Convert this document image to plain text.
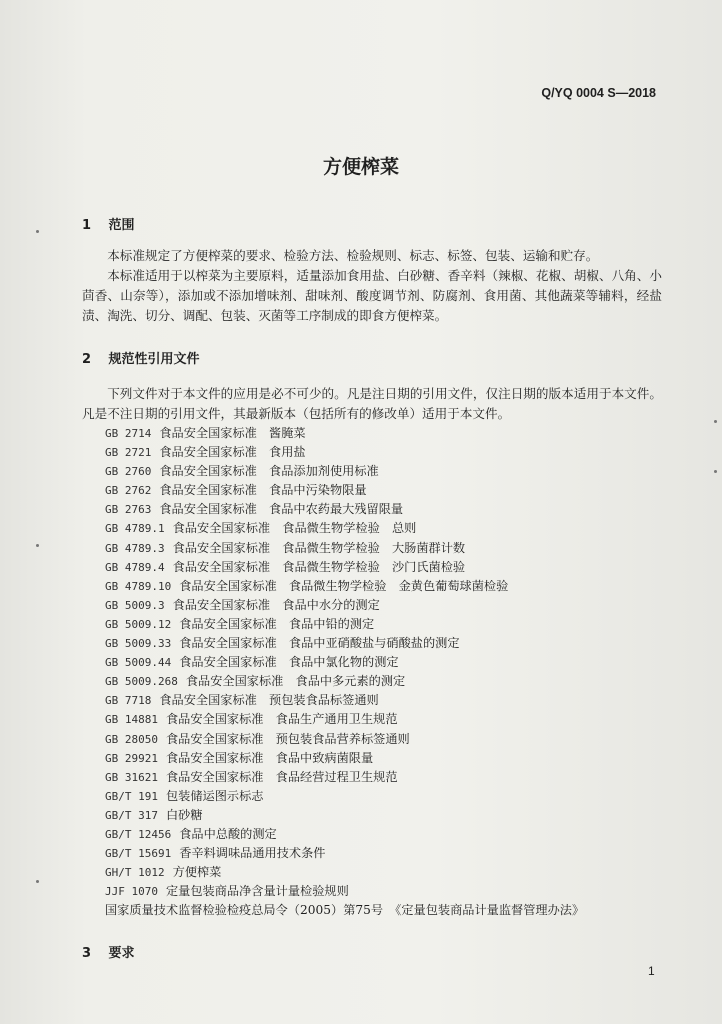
Q/YQ 0004 S—2018
方便榨菜
1 范围

本标准规定了方便榨菜的要求、检验方法、检验规则、标志、标签、包装、运输和贮存。

本标准适用于以榨菜为主要原料，适量添加食用盐、白砂糖、香辛料（辣椒、花椒、胡椒、八角、小茴香、山奈等），添加或不添加增味剂、甜味剂、酸度调节剂、防腐剂、食用菌、其他蔬菜等辅料，经盐渍、淘洗、切分、调配、包装、灭菌等工序制成的即食方便榨菜。

2 规范性引用文件

下列文件对于本文件的应用是必不可少的。凡是注日期的引用文件，仅注日期的版本适用于本文件。凡是不注日期的引用文件，其最新版本（包括所有的修改单）适用于本文件。

GB 2714 食品安全国家标准　酱腌菜
GB 2721 食品安全国家标准　食用盐
GB 2760 食品安全国家标准　食品添加剂使用标准
GB 2762 食品安全国家标准　食品中污染物限量
GB 2763 食品安全国家标准　食品中农药最大残留限量
GB 4789.1 食品安全国家标准　食品微生物学检验　总则
GB 4789.3 食品安全国家标准　食品微生物学检验　大肠菌群计数
GB 4789.4 食品安全国家标准　食品微生物学检验　沙门氏菌检验
GB 4789.10 食品安全国家标准　食品微生物学检验　金黄色葡萄球菌检验
GB 5009.3 食品安全国家标准　食品中水分的测定
GB 5009.12 食品安全国家标准　食品中铅的测定
GB 5009.33 食品安全国家标准　食品中亚硝酸盐与硝酸盐的测定
GB 5009.44 食品安全国家标准　食品中氯化物的测定
GB 5009.268 食品安全国家标准　食品中多元素的测定
GB 7718 食品安全国家标准　预包装食品标签通则
GB 14881 食品安全国家标准　食品生产通用卫生规范
GB 28050 食品安全国家标准　预包装食品营养标签通则
GB 29921 食品安全国家标准　食品中致病菌限量
GB 31621 食品安全国家标准　食品经营过程卫生规范
GB/T 191 包装储运图示标志
GB/T 317 白砂糖
GB/T 12456 食品中总酸的测定
GB/T 15691 香辛料调味品通用技术条件
GH/T 1012 方便榨菜
JJF 1070 定量包装商品净含量计量检验规则
国家质量技术监督检验检疫总局令（2005）第75号　《定量包装商品计量监督管理办法》
3 要求
1
